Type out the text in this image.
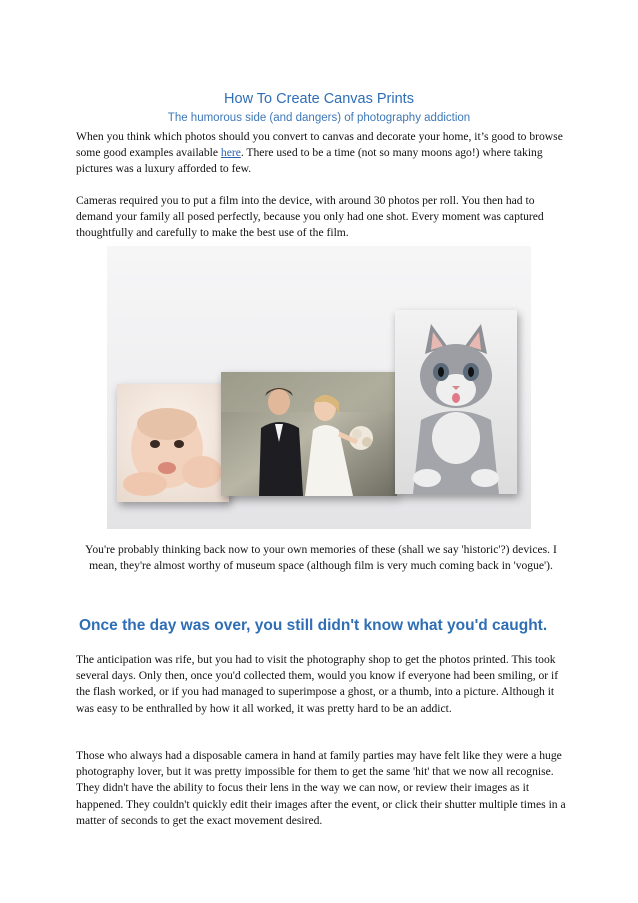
How To Create Canvas Prints
The humorous side (and dangers) of photography addiction

When you think which photos should you convert to canvas and decorate your home, it’s good to browse some good examples available here. There used to be a time (not so many moons ago!) where taking pictures was a luxury afforded to few.

Cameras required you to put a film into the device, with around 30 photos per roll. You then had to demand your family all posed perfectly, because you only had one shot. Every moment was captured thoughtfully and carefully to make the best use of the film.

You're probably thinking back now to your own memories of these (shall we say 'historic'?) devices. I mean, they're almost worthy of museum space (although film is very much coming back in 'vogue').

Once the day was over, you still didn't know what you'd caught.

The anticipation was rife, but you had to visit the photography shop to get the photos printed. This took several days. Only then, once you'd collected them, would you know if everyone had been smiling, or if the flash worked, or if you had managed to superimpose a ghost, or a thumb, into a picture. Although it was easy to be enthralled by how it all worked, it was pretty hard to be an addict.

Those who always had a disposable camera in hand at family parties may have felt like they were a huge photography lover, but it was pretty impossible for them to get the same 'hit' that we now all recognise. They didn't have the ability to focus their lens in the way we can now, or review their images as it happened. They couldn't quickly edit their images after the event, or click their shutter multiple times in a matter of seconds to get the exact movement desired.
